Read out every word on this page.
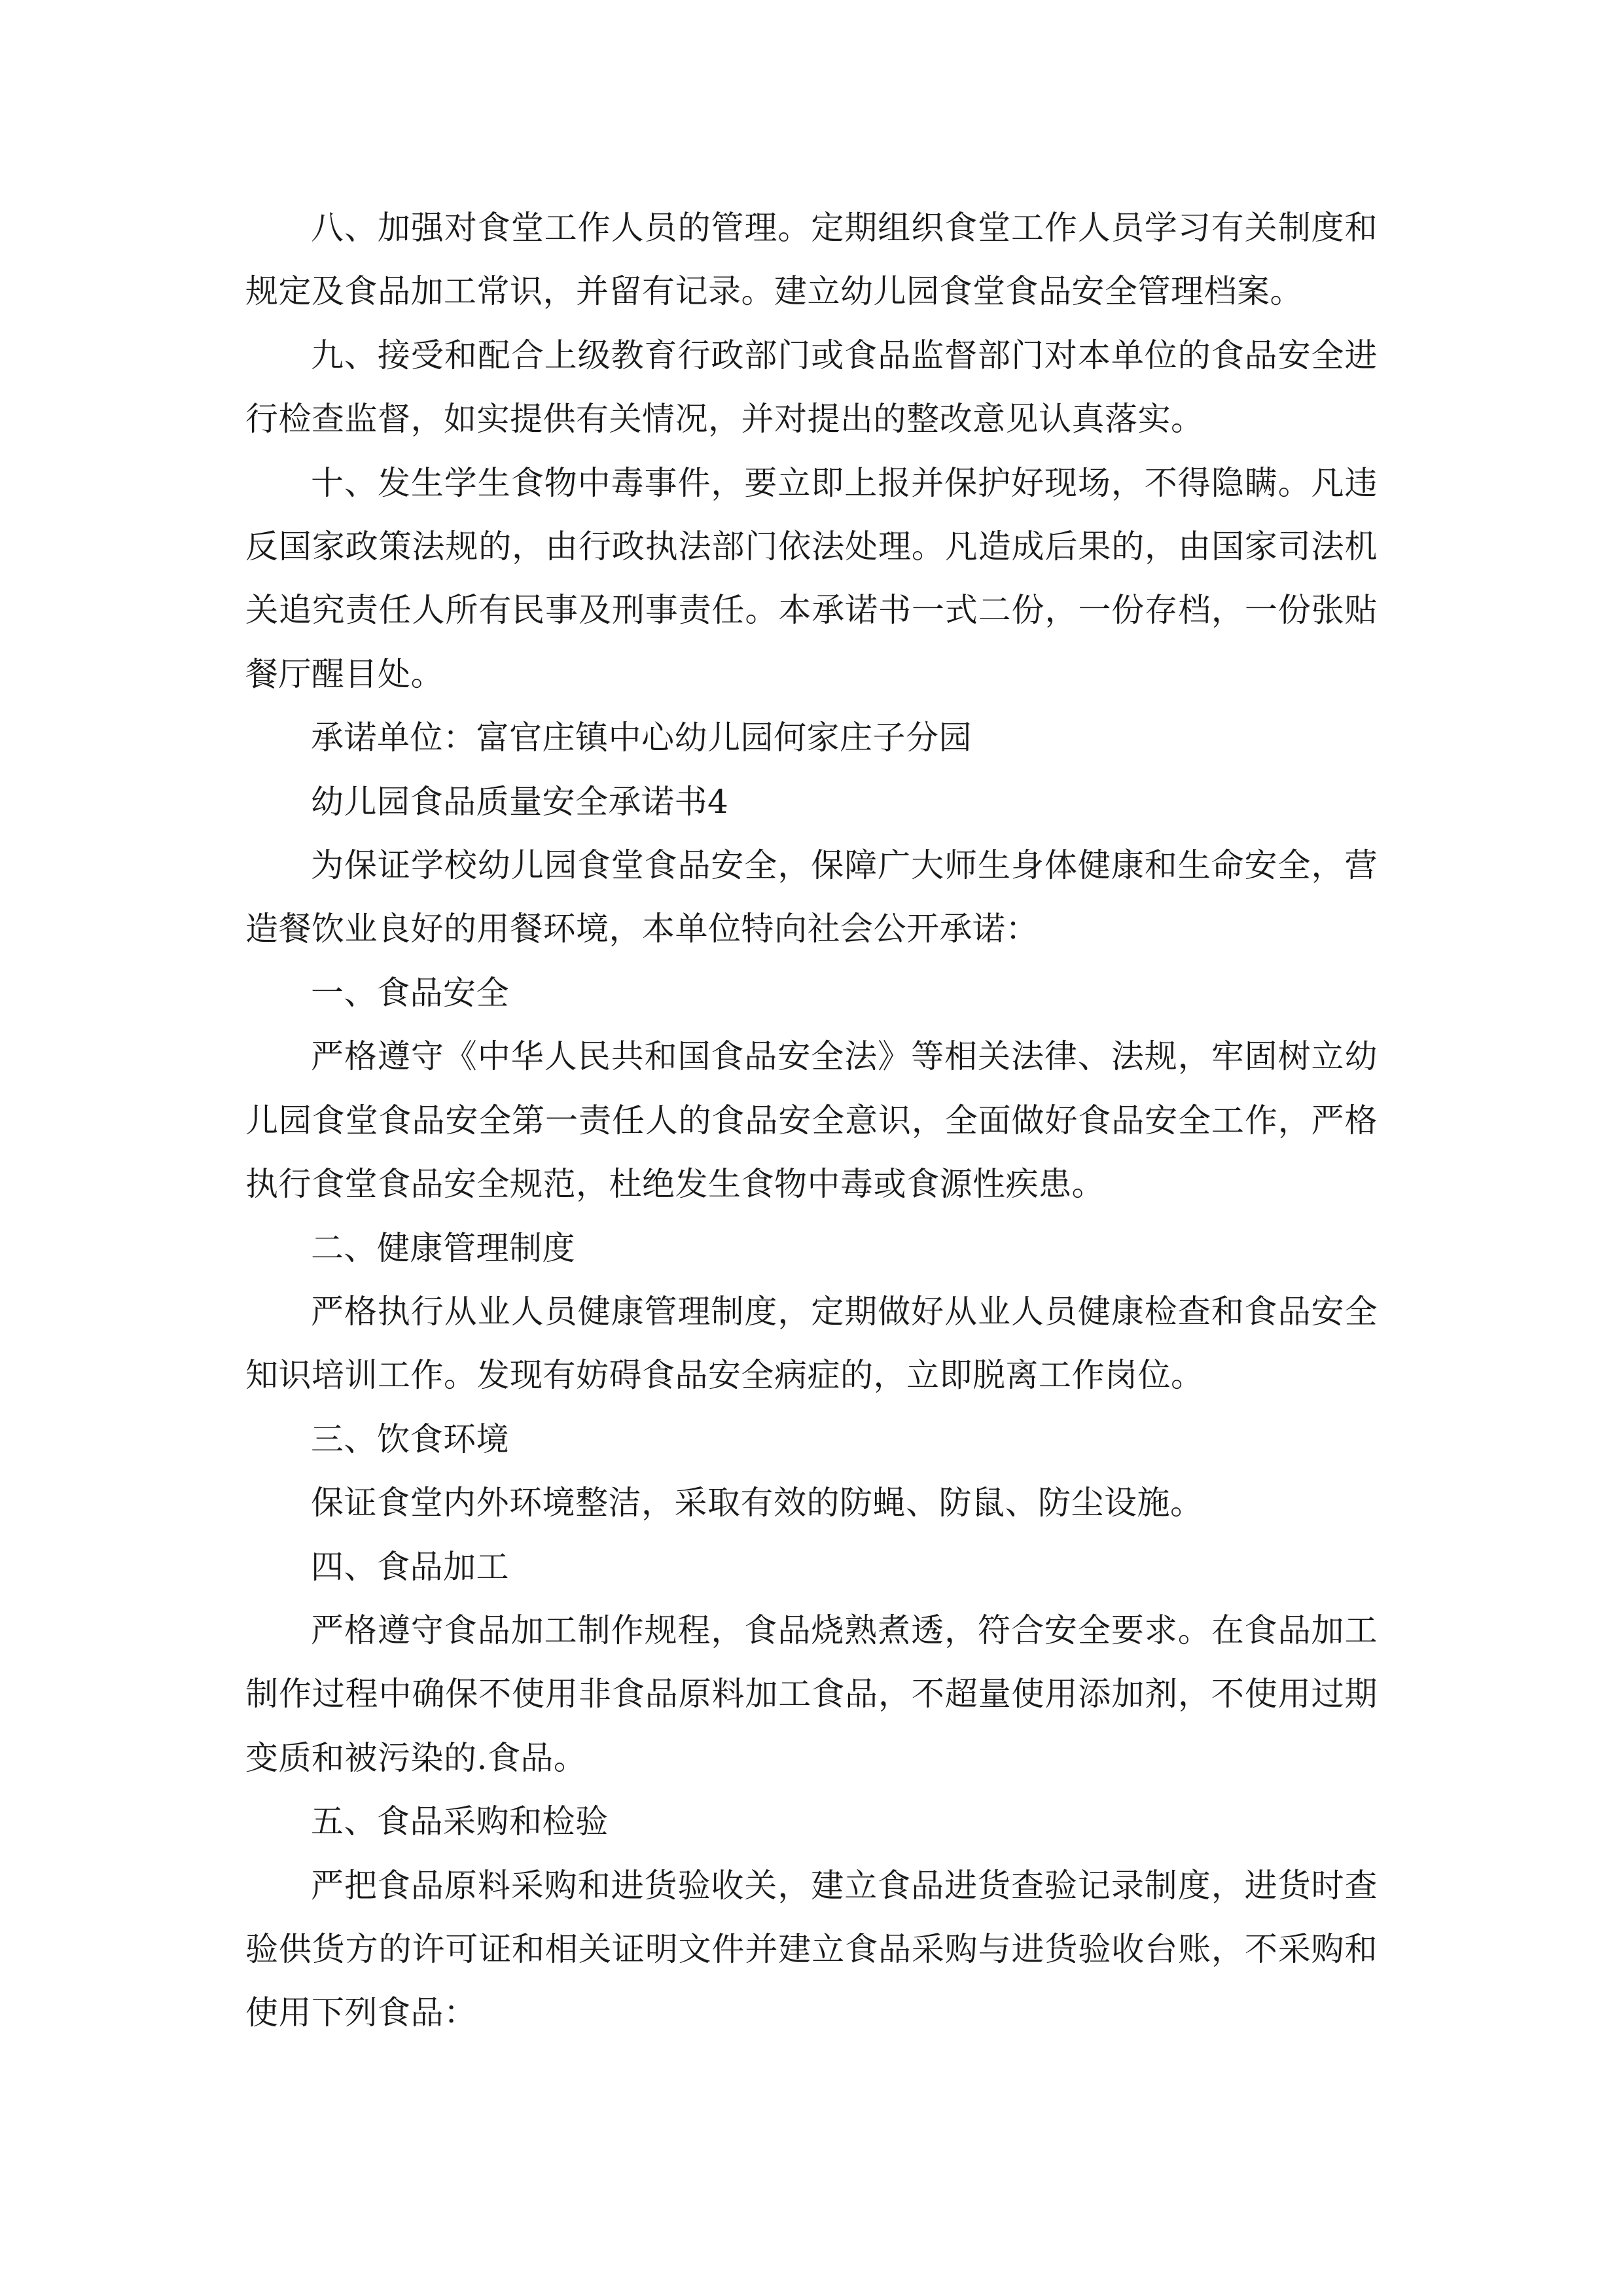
八、加强对食堂工作人员的管理。定期组织食堂工作人员学习有关制度和规定及食品加工常识，并留有记录。建立幼儿园食堂食品安全管理档案。

九、接受和配合上级教育行政部门或食品监督部门对本单位的食品安全进行检查监督，如实提供有关情况，并对提出的整改意见认真落实。

十、发生学生食物中毒事件，要立即上报并保护好现场，不得隐瞒。凡违反国家政策法规的，由行政执法部门依法处理。凡造成后果的，由国家司法机关追究责任人所有民事及刑事责任。本承诺书一式二份，一份存档，一份张贴餐厅醒目处。

承诺单位：富官庄镇中心幼儿园何家庄子分园

幼儿园食品质量安全承诺书4

为保证学校幼儿园食堂食品安全，保障广大师生身体健康和生命安全，营造餐饮业良好的用餐环境，本单位特向社会公开承诺：

一、食品安全

严格遵守《中华人民共和国食品安全法》等相关法律、法规，牢固树立幼儿园食堂食品安全第一责任人的食品安全意识，全面做好食品安全工作，严格执行食堂食品安全规范，杜绝发生食物中毒或食源性疾患。

二、健康管理制度

严格执行从业人员健康管理制度，定期做好从业人员健康检查和食品安全知识培训工作。发现有妨碍食品安全病症的，立即脱离工作岗位。

三、饮食环境

保证食堂内外环境整洁，采取有效的防蝇、防鼠、防尘设施。

四、食品加工

严格遵守食品加工制作规程，食品烧熟煮透，符合安全要求。在食品加工制作过程中确保不使用非食品原料加工食品，不超量使用添加剂，不使用过期变质和被污染的.食品。

五、食品采购和检验

严把食品原料采购和进货验收关，建立食品进货查验记录制度，进货时查验供货方的许可证和相关证明文件并建立食品采购与进货验收台账，不采购和使用下列食品：
